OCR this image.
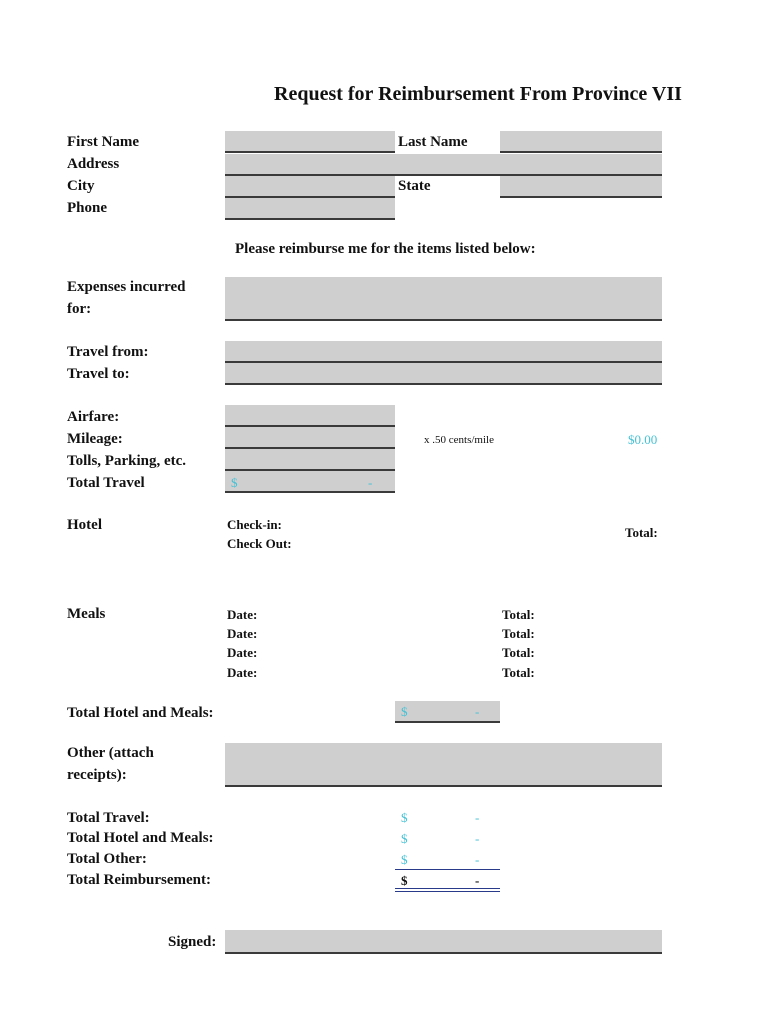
Request for Reimbursement From Province VII
First Name	Last Name
Address
City	State
Phone
Please reimburse me for the items listed below:
Expenses incurred
for:
Travel from:
Travel to:
Airfare:
Mileage:	x .50 cents/mile	$0.00
Tolls, Parking, etc.
Total Travel	$	-
Hotel	Check-in:
Check Out:
Total:
Meals	Date:	Total:
Date:	Total:
Date:	Total:
Date:	Total:
Total Hotel and Meals:	$	-
Other (attach
receipts):
Total Travel:	$	-
Total Hotel and Meals:	$	-
Total Other:	$	-
Total Reimbursement:	$	-
Signed:
